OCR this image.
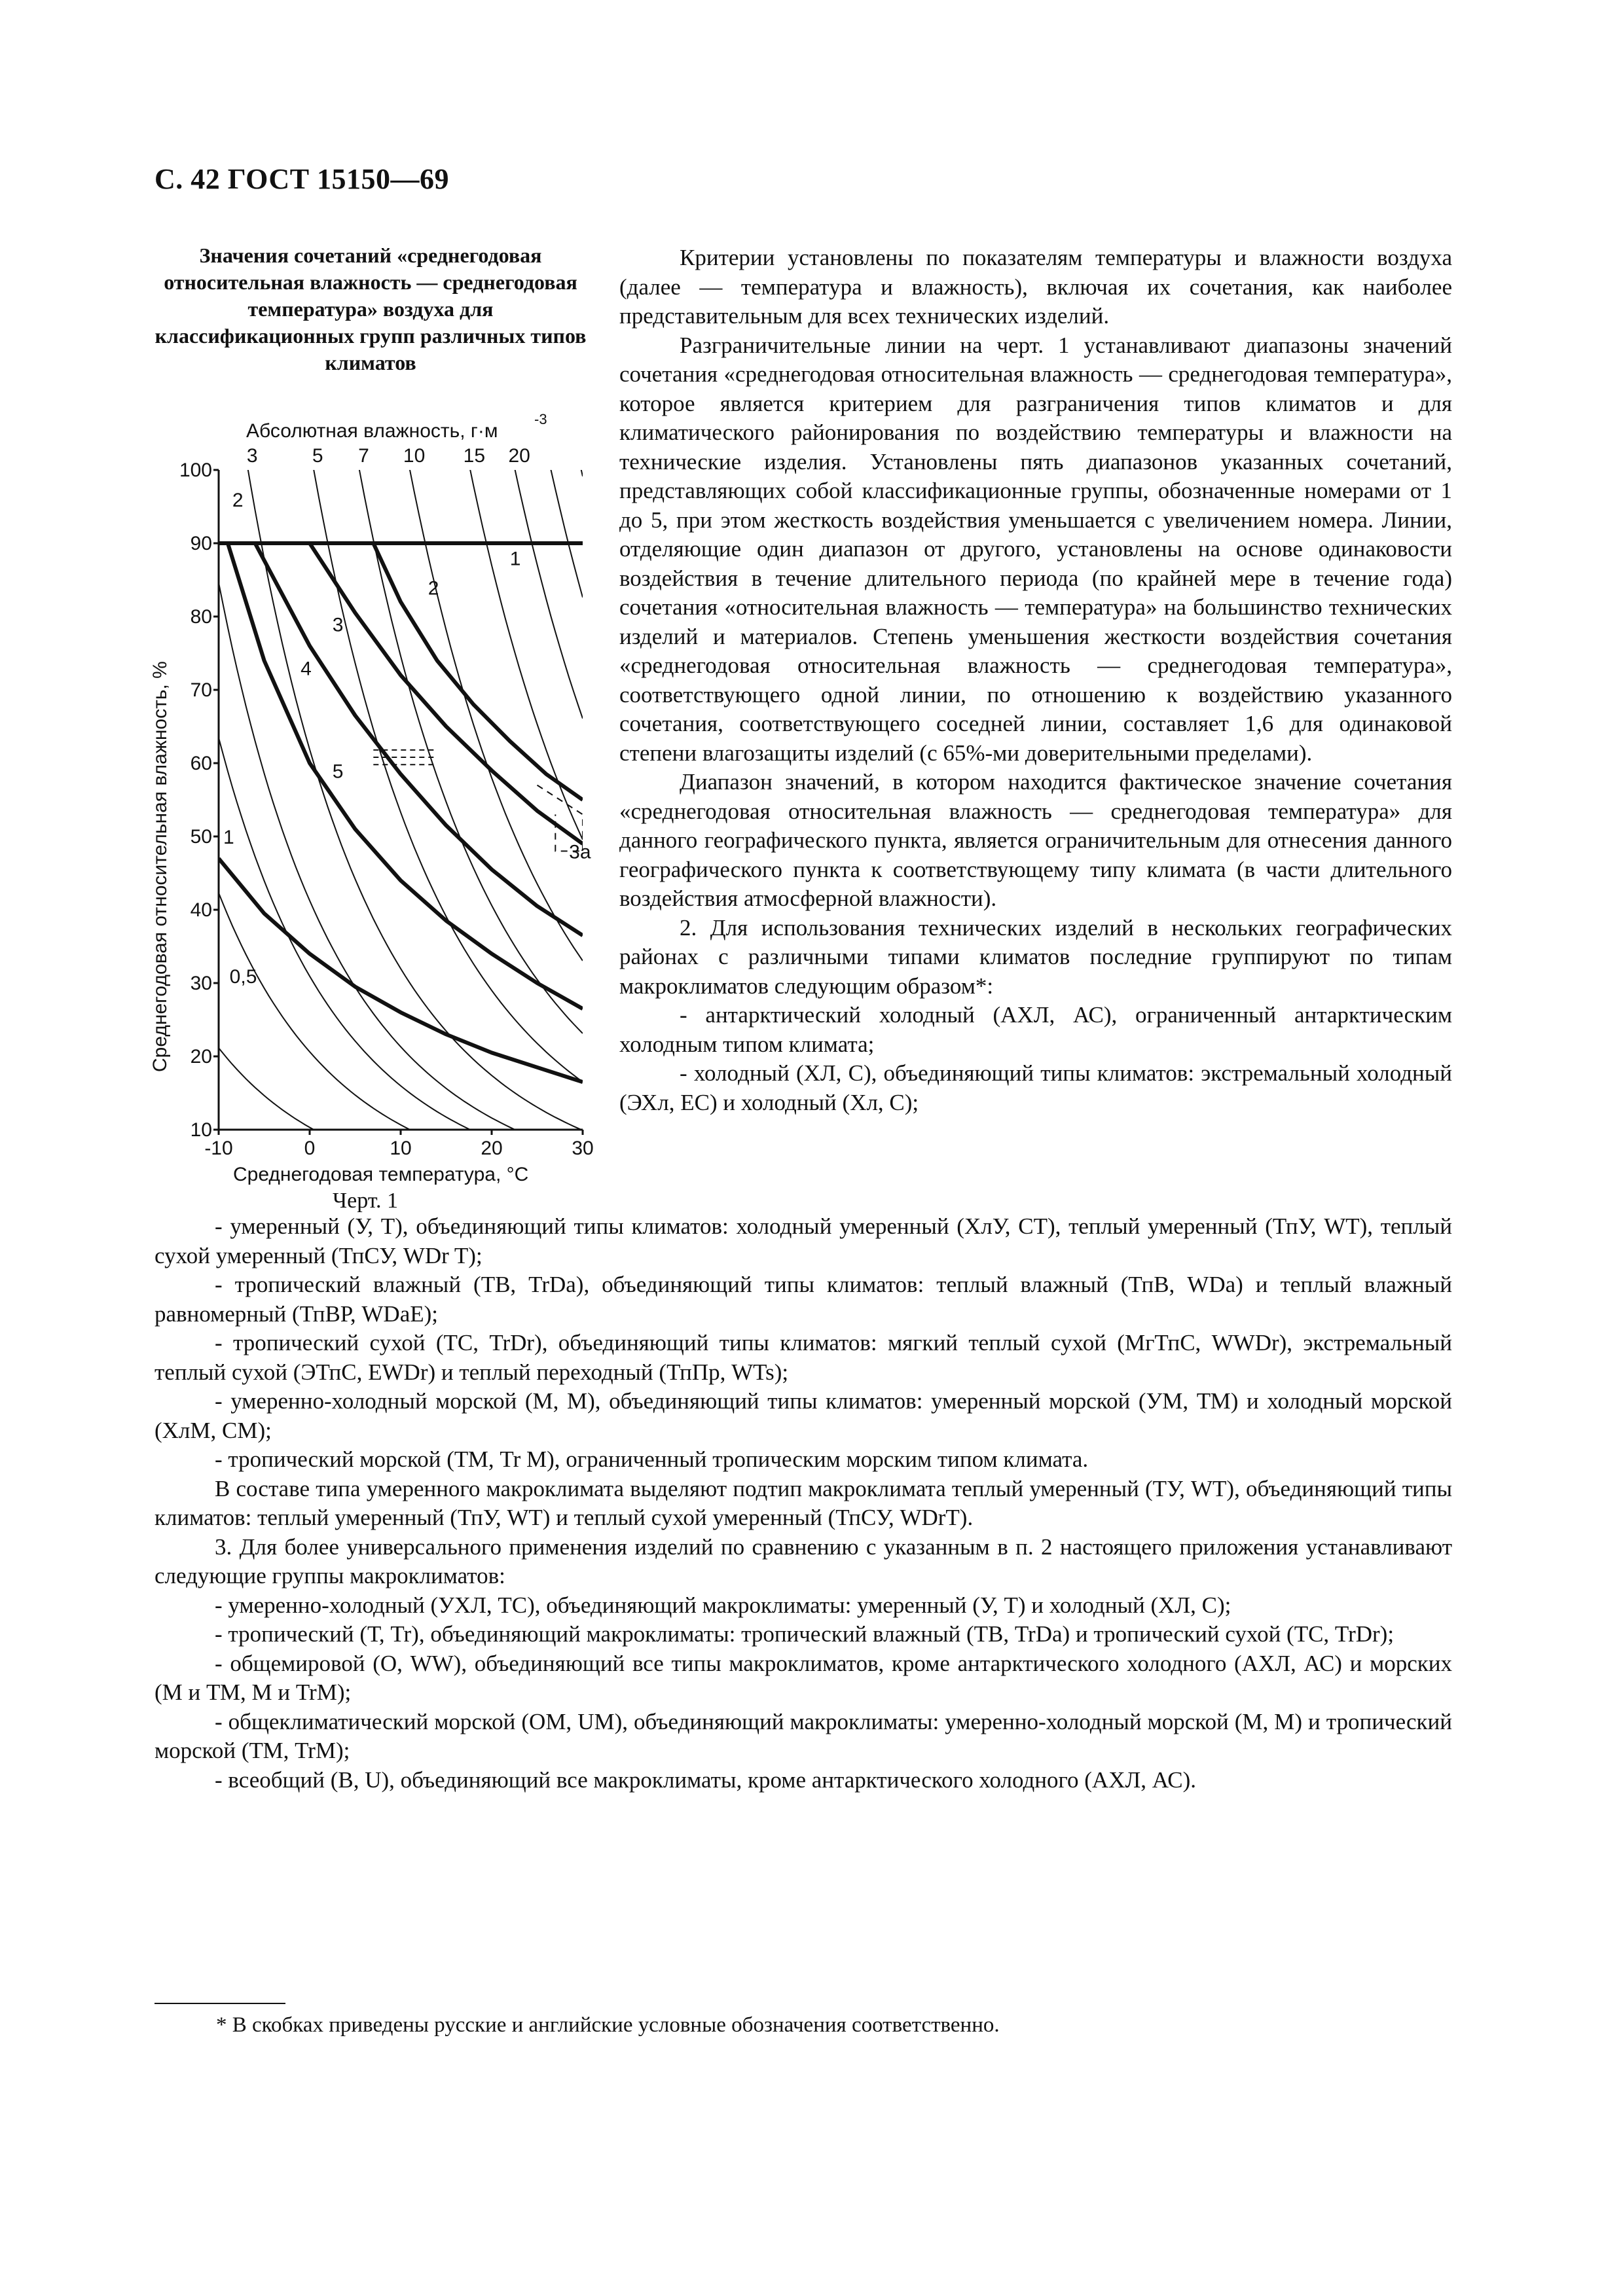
С. 42 ГОСТ 15150—69

Значения сочетаний «среднегодовая относительная влажность — среднегодовая температура» воздуха для классификационных групп различных типов климатов

100
90
80
70
60
50
40
30
20
10
-10	0	10	20	30
3	5 7 10 15 20
1
2
3
4
5
2
1
3а
0,5
Абсолютная влажность, г·м
-3
Среднегодовая температура, °С
Среднегодовая относительная влажность, %
Черт. 1

Критерии установлены по показателям температуры и влажности воздуха (далее — температура и влажность), включая их сочетания, как наиболее представительным для всех технических изделий.

Разграничительные линии на черт. 1 устанавливают диапазоны значений сочетания «среднегодовая относительная влажность — среднегодовая температура», которое является критерием для разграничения типов климатов и для климатического районирования по воздействию температуры и влажности на технические изделия. Установлены пять диапазонов указанных сочетаний, представляющих собой классификационные группы, обозначенные номерами от 1 до 5, при этом жесткость воздействия уменьшается с увеличением номера. Линии, отделяющие один диапазон от другого, установлены на основе одинаковости воздействия в течение длительного периода (по крайней мере в течение года) сочетания «относительная влажность — температура» на большинство технических изделий и материалов. Степень уменьшения жесткости воздействия сочетания «среднегодовая относительная влажность — среднегодовая температура», соответствующего одной линии, по отношению к воздействию указанного сочетания, соответствующего соседней линии, составляет 1,6 для одинаковой степени влагозащиты изделий (с 65%-ми доверительными пределами).

Диапазон значений, в котором находится фактическое значение сочетания «среднегодовая относительная влажность — среднегодовая температура» для данного географического пункта, является ограничительным для отнесения данного географического пункта к соответствующему типу климата (в части длительного воздействия атмосферной влажности).

2. Для использования технических изделий в нескольких географических районах с различными типами климатов последние группируют по типам макроклиматов следующим образом*:

- антарктический холодный (АХЛ, АС), ограниченный антарктическим холодным типом климата;

- холодный (ХЛ, С), объединяющий типы климатов: экстремальный холодный (ЭХл, ЕС) и холодный (Хл, С);

- умеренный (У, Т), объединяющий типы климатов: холодный умеренный (ХлУ, СТ), теплый умеренный (ТпУ, WT), теплый сухой умеренный (ТпСУ, WDr T);

- тропический влажный (ТВ, TrDa), объединяющий типы климатов: теплый влажный (ТпВ, WDa) и теплый влажный равномерный (ТпВР, WDaE);

- тропический сухой (ТС, TrDr), объединяющий типы климатов: мягкий теплый сухой (МгТпС, WWDr), экстремальный теплый сухой (ЭТпС, EWDr) и теплый переходный (ТпПр, WTs);

- умеренно-холодный морской (М, М), объединяющий типы климатов: умеренный морской (УМ, ТМ) и холодный морской (ХлМ, СМ);

- тропический морской (ТМ, Tr M), ограниченный тропическим морским типом климата.

В составе типа умеренного макроклимата выделяют подтип макроклимата теплый умеренный (ТУ, WT), объединяющий типы климатов: теплый умеренный (ТпУ, WT) и теплый сухой умеренный (ТпСУ, WDrT).

3. Для более универсального применения изделий по сравнению с указанным в п. 2 настоящего приложения устанавливают следующие группы макроклиматов:

- умеренно-холодный (УХЛ, ТС), объединяющий макроклиматы: умеренный (У, Т) и холодный (ХЛ, С);

- тропический (Т, Tr), объединяющий макроклиматы: тропический влажный (ТВ, TrDa) и тропический сухой (ТС, TrDr);

- общемировой (О, WW), объединяющий все типы макроклиматов, кроме антарктического холодного (АХЛ, АС) и морских (М и ТМ, М и TrM);

- общеклиматический морской (ОМ, UM), объединяющий макроклиматы: умеренно-холодный морской (М, М) и тропический морской (ТМ, TrM);

- всеобщий (В, U), объединяющий все макроклиматы, кроме антарктического холодного (АХЛ, АС).

* В скобках приведены русские и английские условные обозначения соответственно.
